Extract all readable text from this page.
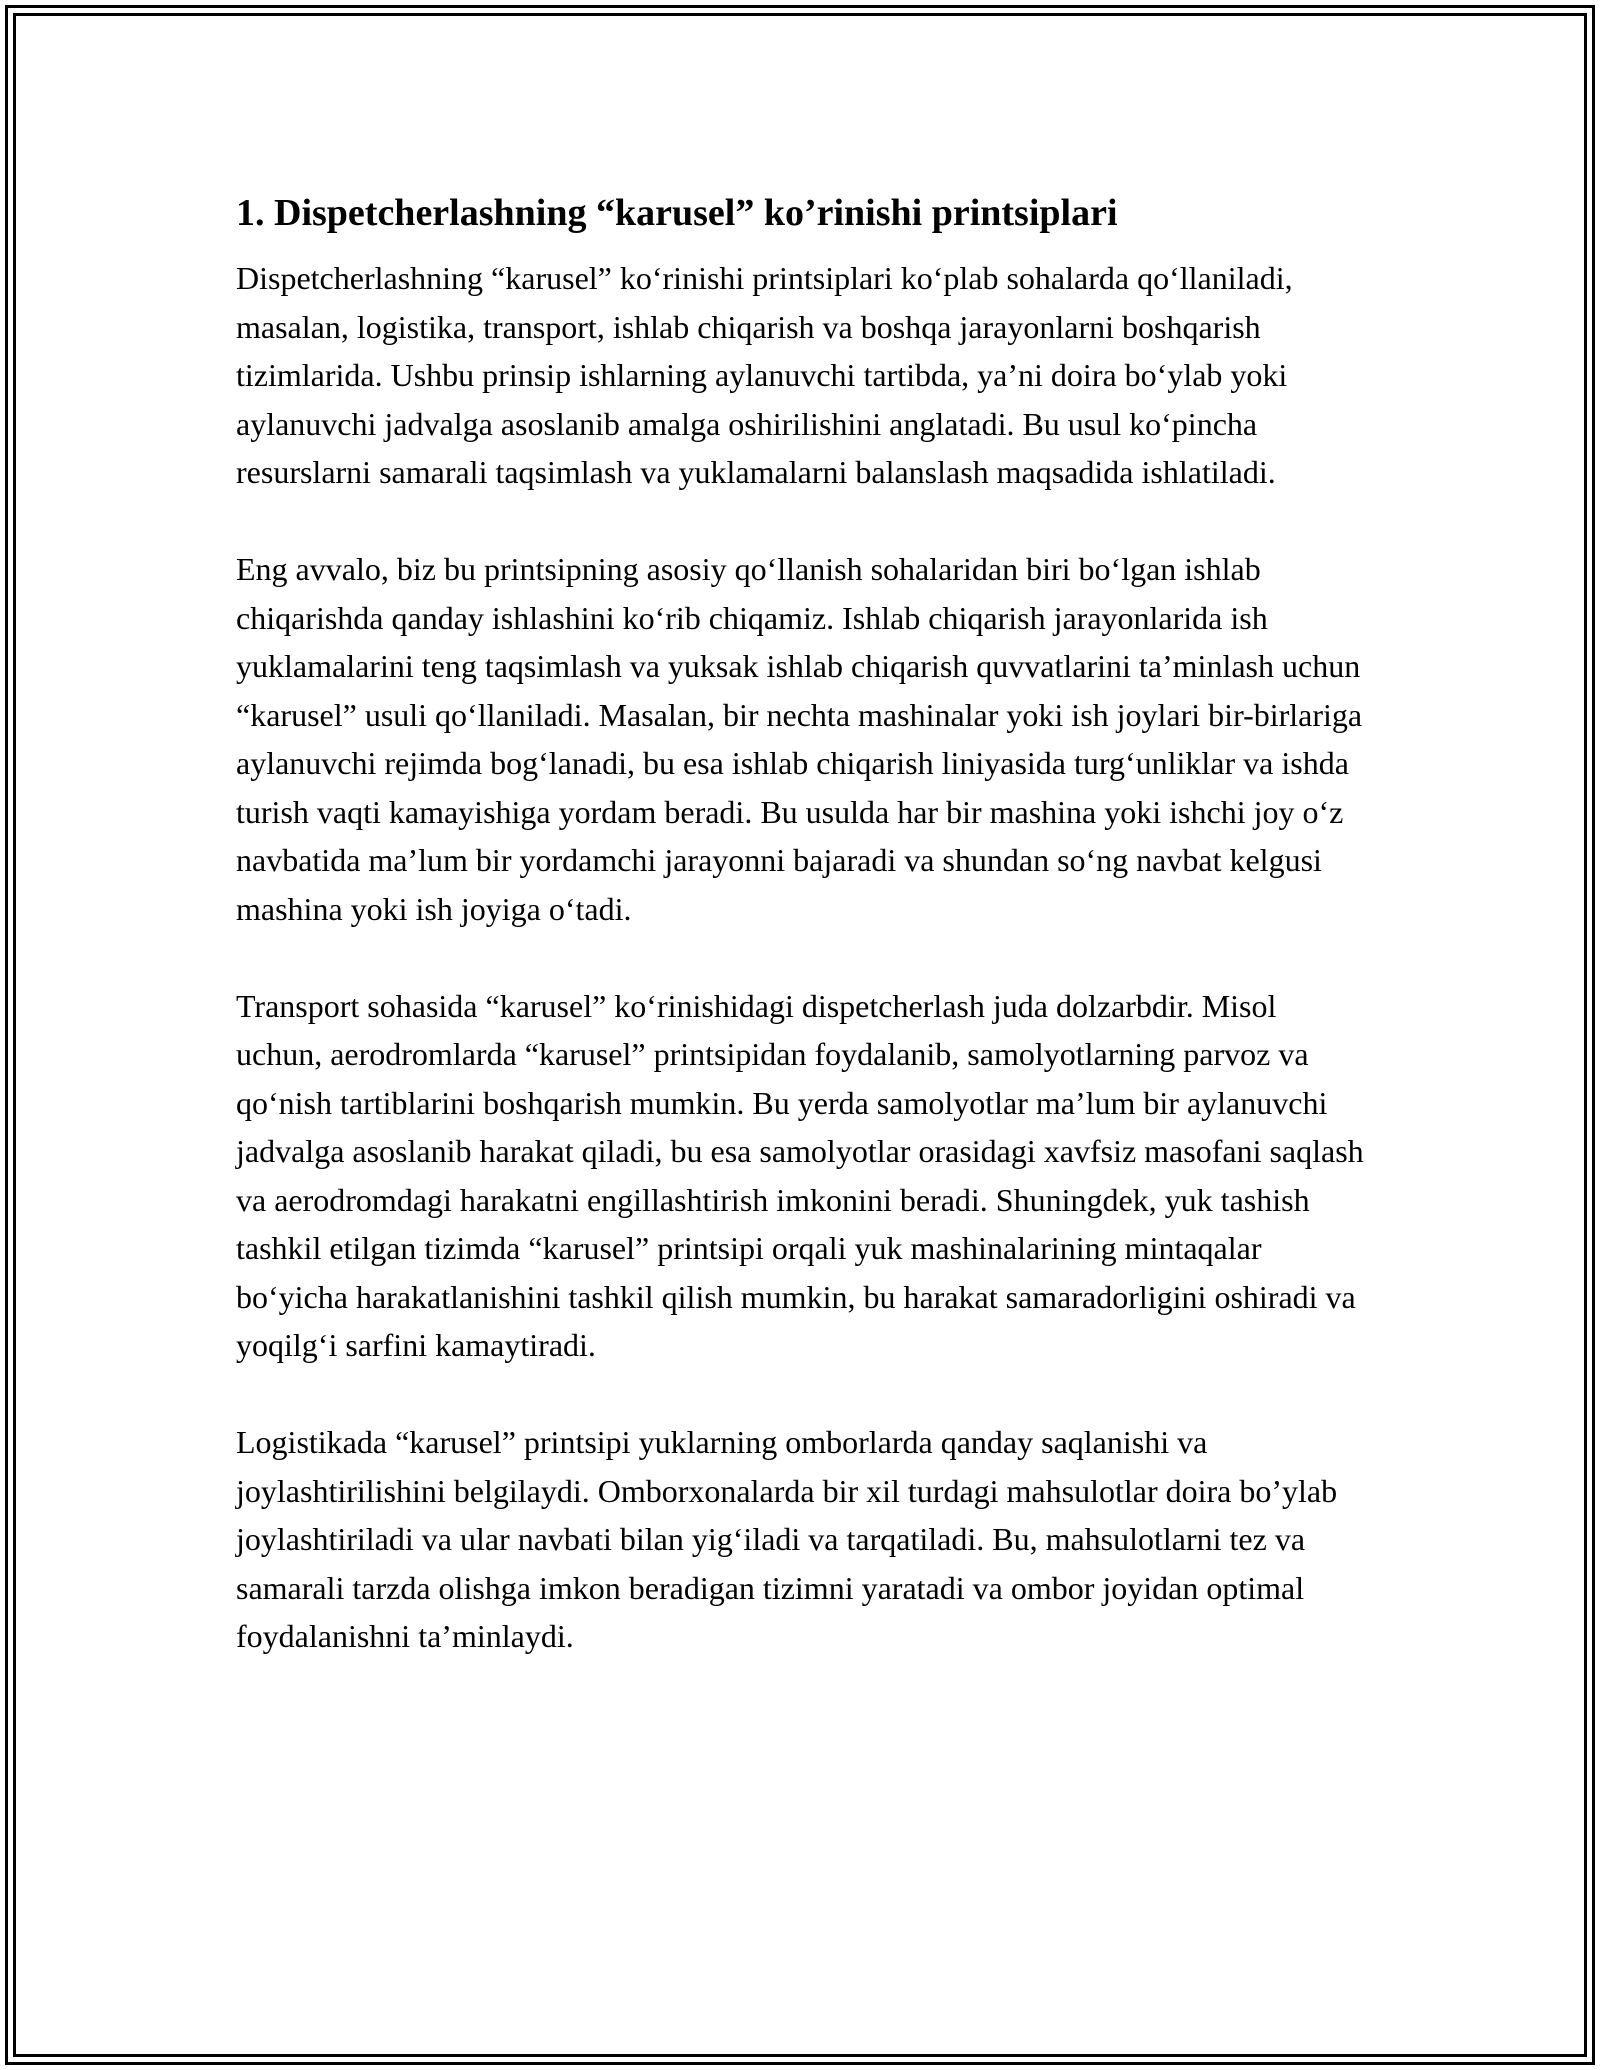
1. Dispetcherlashning “karusel” ko’rinishi printsiplari

Dispetcherlashning “karusel” ko‘rinishi printsiplari ko‘plab sohalarda qo‘llaniladi, masalan, logistika, transport, ishlab chiqarish va boshqa jarayonlarni boshqarish tizimlarida. Ushbu prinsip ishlarning aylanuvchi tartibda, ya’ni doira bo‘ylab yoki aylanuvchi jadvalga asoslanib amalga oshirilishini anglatadi. Bu usul ko‘pincha resurslarni samarali taqsimlash va yuklamalarni balanslash maqsadida ishlatiladi.

Eng avvalo, biz bu printsipning asosiy qo‘llanish sohalaridan biri bo‘lgan ishlab chiqarishda qanday ishlashini ko‘rib chiqamiz. Ishlab chiqarish jarayonlarida ish yuklamalarini teng taqsimlash va yuksak ishlab chiqarish quvvatlarini ta’minlash uchun “karusel” usuli qo‘llaniladi. Masalan, bir nechta mashinalar yoki ish joylari bir-birlariga aylanuvchi rejimda bog‘lanadi, bu esa ishlab chiqarish liniyasida turg‘unliklar va ishda turish vaqti kamayishiga yordam beradi. Bu usulda har bir mashina yoki ishchi joy o‘z navbatida ma’lum bir yordamchi jarayonni bajaradi va shundan so‘ng navbat kelgusi mashina yoki ish joyiga o‘tadi.

Transport sohasida “karusel” ko‘rinishidagi dispetcherlash juda dolzarbdir. Misol uchun, aerodromlarda “karusel” printsipidan foydalanib, samolyotlarning parvoz va qo‘nish tartiblarini boshqarish mumkin. Bu yerda samolyotlar ma’lum bir aylanuvchi jadvalga asoslanib harakat qiladi, bu esa samolyotlar orasidagi xavfsiz masofani saqlash va aerodromdagi harakatni engillashtirish imkonini beradi. Shuningdek, yuk tashish tashkil etilgan tizimda “karusel” printsipi orqali yuk mashinalarining mintaqalar bo‘yicha harakatlanishini tashkil qilish mumkin, bu harakat samaradorligini oshiradi va yoqilg‘i sarfini kamaytiradi.

Logistikada “karusel” printsipi yuklarning omborlarda qanday saqlanishi va joylashtirilishini belgilaydi. Omborxonalarda bir xil turdagi mahsulotlar doira bo’ylab joylashtiriladi va ular navbati bilan yig‘iladi va tarqatiladi. Bu, mahsulotlarni tez va samarali tarzda olishga imkon beradigan tizimni yaratadi va ombor joyidan optimal foydalanishni ta’minlaydi.
